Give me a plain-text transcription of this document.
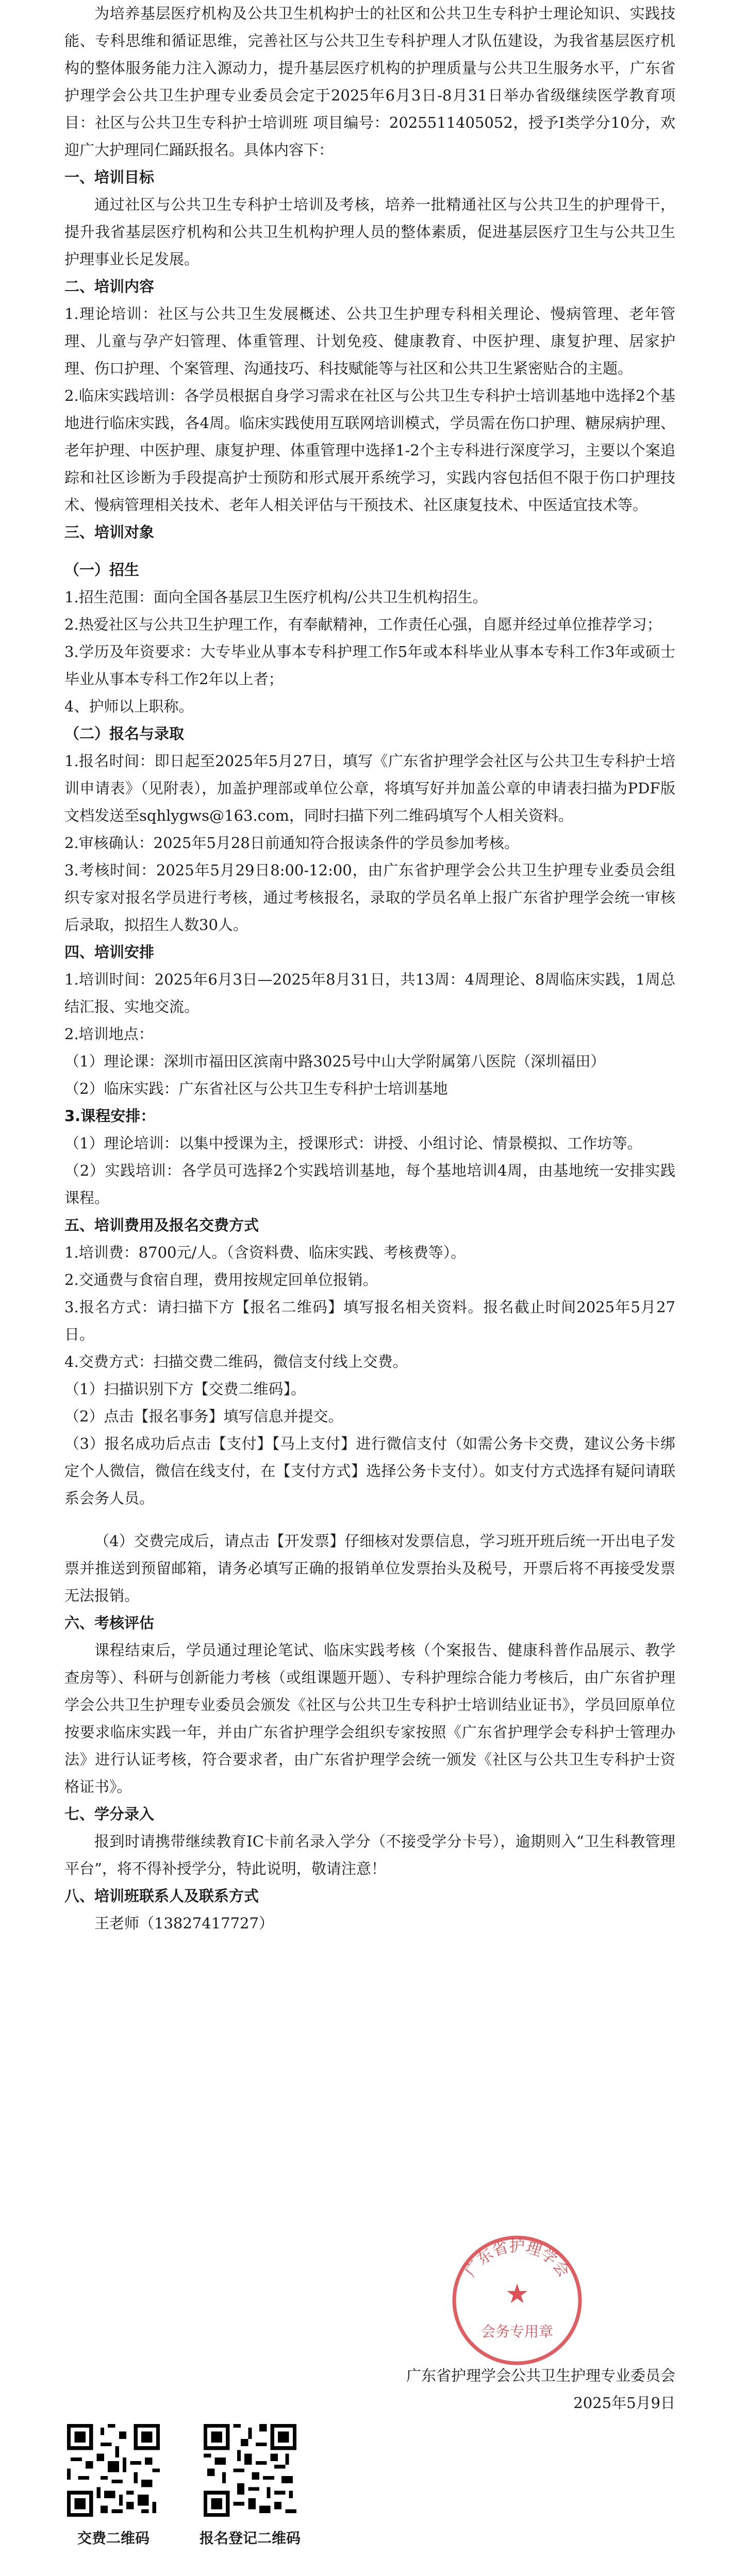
为培养基层医疗机构及公共卫生机构护士的社区和公共卫生专科护士理论知识、实践技能、专科思维和循证思维，完善社区与公共卫生专科护理人才队伍建设，为我省基层医疗机构的整体服务能力注入源动力，提升基层医疗机构的护理质量与公共卫生服务水平，广东省护理学会公共卫生护理专业委员会定于2025年6月3日-8月31日举办省级继续医学教育项目：社区与公共卫生专科护士培训班 项目编号：2025511405052，授予Ⅰ类学分10分，欢迎广大护理同仁踊跃报名。具体内容下：

一、培训目标

通过社区与公共卫生专科护士培训及考核，培养一批精通社区与公共卫生的护理骨干，提升我省基层医疗机构和公共卫生机构护理人员的整体素质，促进基层医疗卫生与公共卫生护理事业长足发展。

二、培训内容

1.理论培训：社区与公共卫生发展概述、公共卫生护理专科相关理论、慢病管理、老年管理、儿童与孕产妇管理、体重管理、计划免疫、健康教育、中医护理、康复护理、居家护理、伤口护理、个案管理、沟通技巧、科技赋能等与社区和公共卫生紧密贴合的主题。

2.临床实践培训：各学员根据自身学习需求在社区与公共卫生专科护士培训基地中选择2个基地进行临床实践，各4周。临床实践使用互联网培训模式，学员需在伤口护理、糖尿病护理、老年护理、中医护理、康复护理、体重管理中选择1-2个主专科进行深度学习，主要以个案追踪和社区诊断为手段提高护士预防和形式展开系统学习，实践内容包括但不限于伤口护理技术、慢病管理相关技术、老年人相关评估与干预技术、社区康复技术、中医适宜技术等。

三、培训对象

（一）招生

1.招生范围：面向全国各基层卫生医疗机构/公共卫生机构招生。

2.热爱社区与公共卫生护理工作，有奉献精神，工作责任心强，自愿并经过单位推荐学习；

3.学历及年资要求：大专毕业从事本专科护理工作5年或本科毕业从事本专科工作3年或硕士毕业从事本专科工作2年以上者；

4、护师以上职称。

（二）报名与录取

1.报名时间：即日起至2025年5月27日，填写《广东省护理学会社区与公共卫生专科护士培训申请表》（见附表），加盖护理部或单位公章，将填写好并加盖公章的申请表扫描为PDF版文档发送至sqhlygws@163.com，同时扫描下列二维码填写个人相关资料。

2.审核确认：2025年5月28日前通知符合报读条件的学员参加考核。

3.考核时间：2025年5月29日8:00-12:00，由广东省护理学会公共卫生护理专业委员会组织专家对报名学员进行考核，通过考核报名，录取的学员名单上报广东省护理学会统一审核后录取，拟招生人数30人。

四、培训安排

1.培训时间：2025年6月3日—2025年8月31日，共13周：4周理论、8周临床实践，1周总结汇报、实地交流。

2.培训地点：

（1）理论课：深圳市福田区滨南中路3025号中山大学附属第八医院（深圳福田）

（2）临床实践：广东省社区与公共卫生专科护士培训基地

3.课程安排：

（1）理论培训：以集中授课为主，授课形式：讲授、小组讨论、情景模拟、工作坊等。

（2）实践培训：各学员可选择2个实践培训基地，每个基地培训4周，由基地统一安排实践课程。

五、培训费用及报名交费方式

1.培训费：8700元/人。（含资料费、临床实践、考核费等）。

2.交通费与食宿自理，费用按规定回单位报销。

3.报名方式：请扫描下方【报名二维码】填写报名相关资料。报名截止时间2025年5月27日。

4.交费方式：扫描交费二维码，微信支付线上交费。

（1）扫描识别下方【交费二维码】。

（2）点击【报名事务】填写信息并提交。

（3）报名成功后点击【支付】【马上支付】进行微信支付（如需公务卡交费，建议公务卡绑定个人微信，微信在线支付，在【支付方式】选择公务卡支付）。如支付方式选择有疑问请联系会务人员。

（4）交费完成后，请点击【开发票】仔细核对发票信息，学习班开班后统一开出电子发票并推送到预留邮箱，请务必填写正确的报销单位发票抬头及税号，开票后将不再接受发票无法报销。

六、考核评估

课程结束后，学员通过理论笔试、临床实践考核（个案报告、健康科普作品展示、教学查房等）、科研与创新能力考核（或组课题开题）、专科护理综合能力考核后，由广东省护理学会公共卫生护理专业委员会颁发《社区与公共卫生专科护士培训结业证书》，学员回原单位按要求临床实践一年，并由广东省护理学会组织专家按照《广东省护理学会专科护士管理办法》进行认证考核，符合要求者，由广东省护理学会统一颁发《社区与公共卫生专科护士资格证书》。

七、学分录入

报到时请携带继续教育IC卡前名录入学分（不接受学分卡号），逾期则入“卫生科教管理平台”，将不得补授学分，特此说明，敬请注意！

八、培训班联系人及联系方式

王老师（13827417727）

广东省护理学会
★
会务专用章

广东省护理学会公共卫生护理专业委员会

2025年5月9日

交费二维码	报名登记二维码
